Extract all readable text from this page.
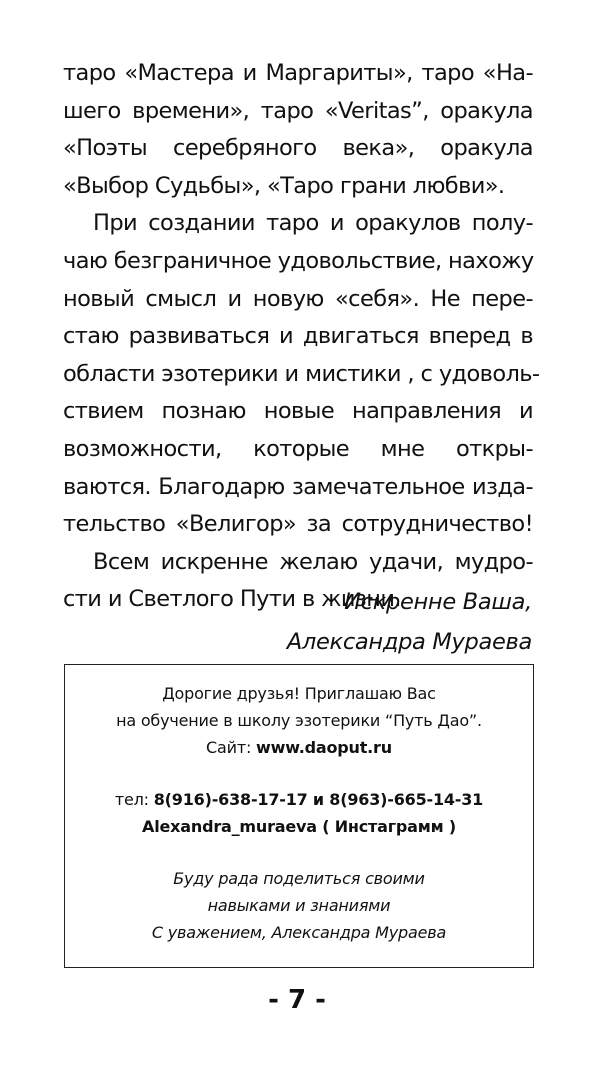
таро «Мастера и Маргариты», таро «На-
шего времени», таро «Veritas”, оракула
«Поэты серебряного века», оракула
«Выбор Судьбы», «Таро грани любви».
При создании таро и оракулов полу-
чаю безграничное удовольствие, нахожу
новый смысл и новую «себя». Не пере-
стаю развиваться и двигаться вперед в
области эзотерики и мистики , с удоволь-
ствием познаю новые направления и
возможности, которые мне откры-
ваются. Благодарю замечательное изда-
тельство «Велигор» за сотрудничество!
Всем искренне желаю удачи, мудро-
сти и Светлого Пути в жизни.
Искренне Ваша,
Александра Мураева
Дорогие друзья! Приглашаю Вас
на обучение в школу эзотерики “Путь Дао”.
Сайт: www.daoput.ru
тел: 8(916)-638-17-17 и 8(963)-665-14-31
Alexandra_muraeva ( Инстаграмм )
Буду рада поделиться своими
навыками и знаниями
С уважением, Александра Мураева
- 7 -
